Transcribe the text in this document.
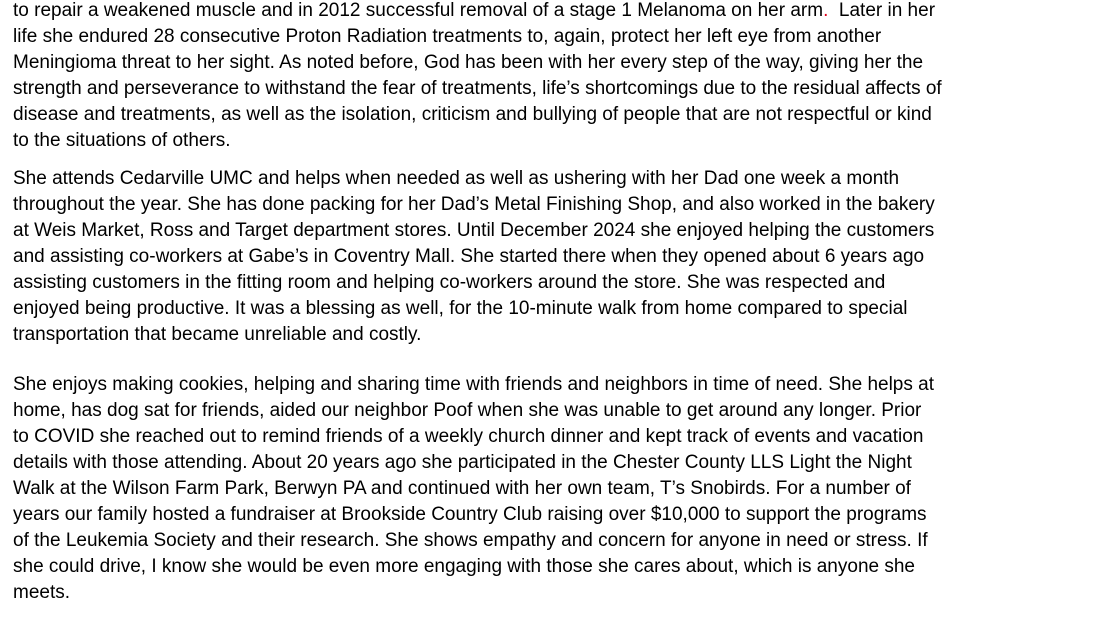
to repair a weakened muscle and in 2012 successful removal of a stage 1 Melanoma on her arm.  Later in her
life she endured 28 consecutive Proton Radiation treatments to, again, protect her left eye from another
Meningioma threat to her sight. As noted before, God has been with her every step of the way, giving her the
strength and perseverance to withstand the fear of treatments, life’s shortcomings due to the residual affects of
disease and treatments, as well as the isolation, criticism and bullying of people that are not respectful or kind
to the situations of others.

She attends Cedarville UMC and helps when needed as well as ushering with her Dad one week a month
throughout the year. She has done packing for her Dad’s Metal Finishing Shop, and also worked in the bakery
at Weis Market, Ross and Target department stores. Until December 2024 she enjoyed helping the customers
and assisting co-workers at Gabe’s in Coventry Mall. She started there when they opened about 6 years ago
assisting customers in the fitting room and helping co-workers around the store. She was respected and
enjoyed being productive. It was a blessing as well, for the 10-minute walk from home compared to special
transportation that became unreliable and costly.

She enjoys making cookies, helping and sharing time with friends and neighbors in time of need. She helps at
home, has dog sat for friends, aided our neighbor Poof when she was unable to get around any longer. Prior
to COVID she reached out to remind friends of a weekly church dinner and kept track of events and vacation
details with those attending. About 20 years ago she participated in the Chester County LLS Light the Night
Walk at the Wilson Farm Park, Berwyn PA and continued with her own team, T’s Snobirds. For a number of
years our family hosted a fundraiser at Brookside Country Club raising over $10,000 to support the programs
of the Leukemia Society and their research. She shows empathy and concern for anyone in need or stress. If
she could drive, I know she would be even more engaging with those she cares about, which is anyone she
meets.
